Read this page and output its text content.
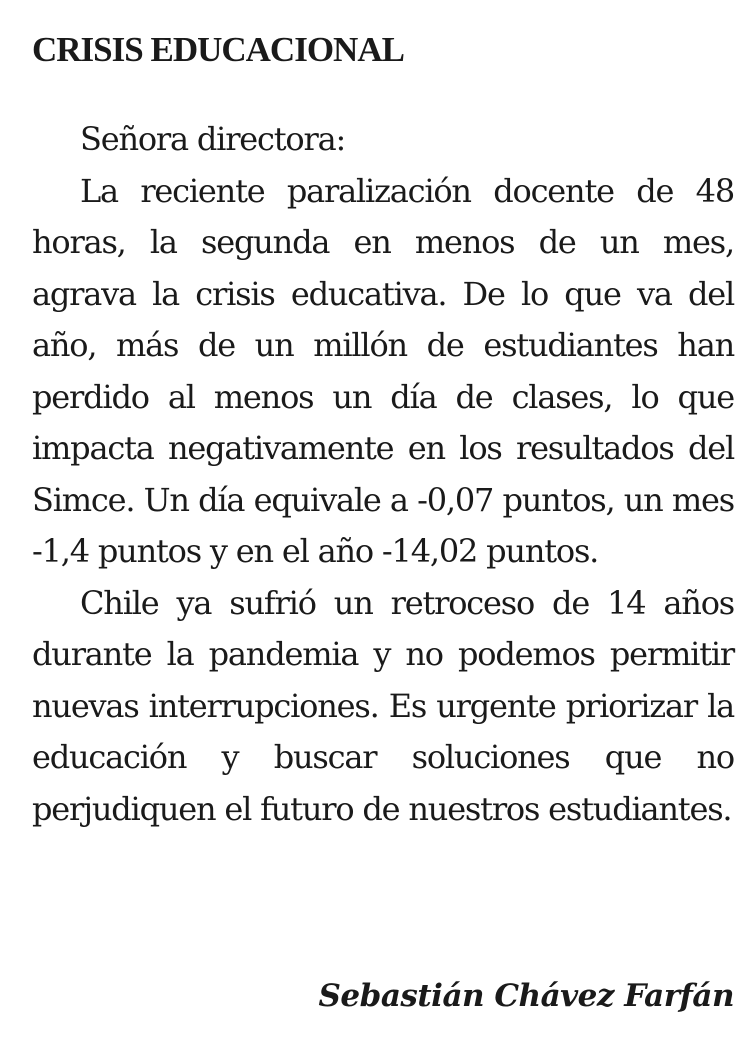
CRISIS EDUCACIONAL

Señora directora:

La reciente paralización docente de 48 horas, la segunda en menos de un mes, agrava la crisis educativa. De lo que va del año, más de un millón de estudiantes han perdido al menos un día de clases, lo que impacta negativamente en los resultados del Simce. Un día equivale a -0,07 puntos, un mes -1,4 puntos y en el año -14,02 puntos.

Chile ya sufrió un retroceso de 14 años durante la pandemia y no podemos permitir nuevas interrupciones. Es urgente priorizar la educación y buscar soluciones que no perjudiquen el futuro de nuestros estudiantes.

Sebastián Chávez Farfán
